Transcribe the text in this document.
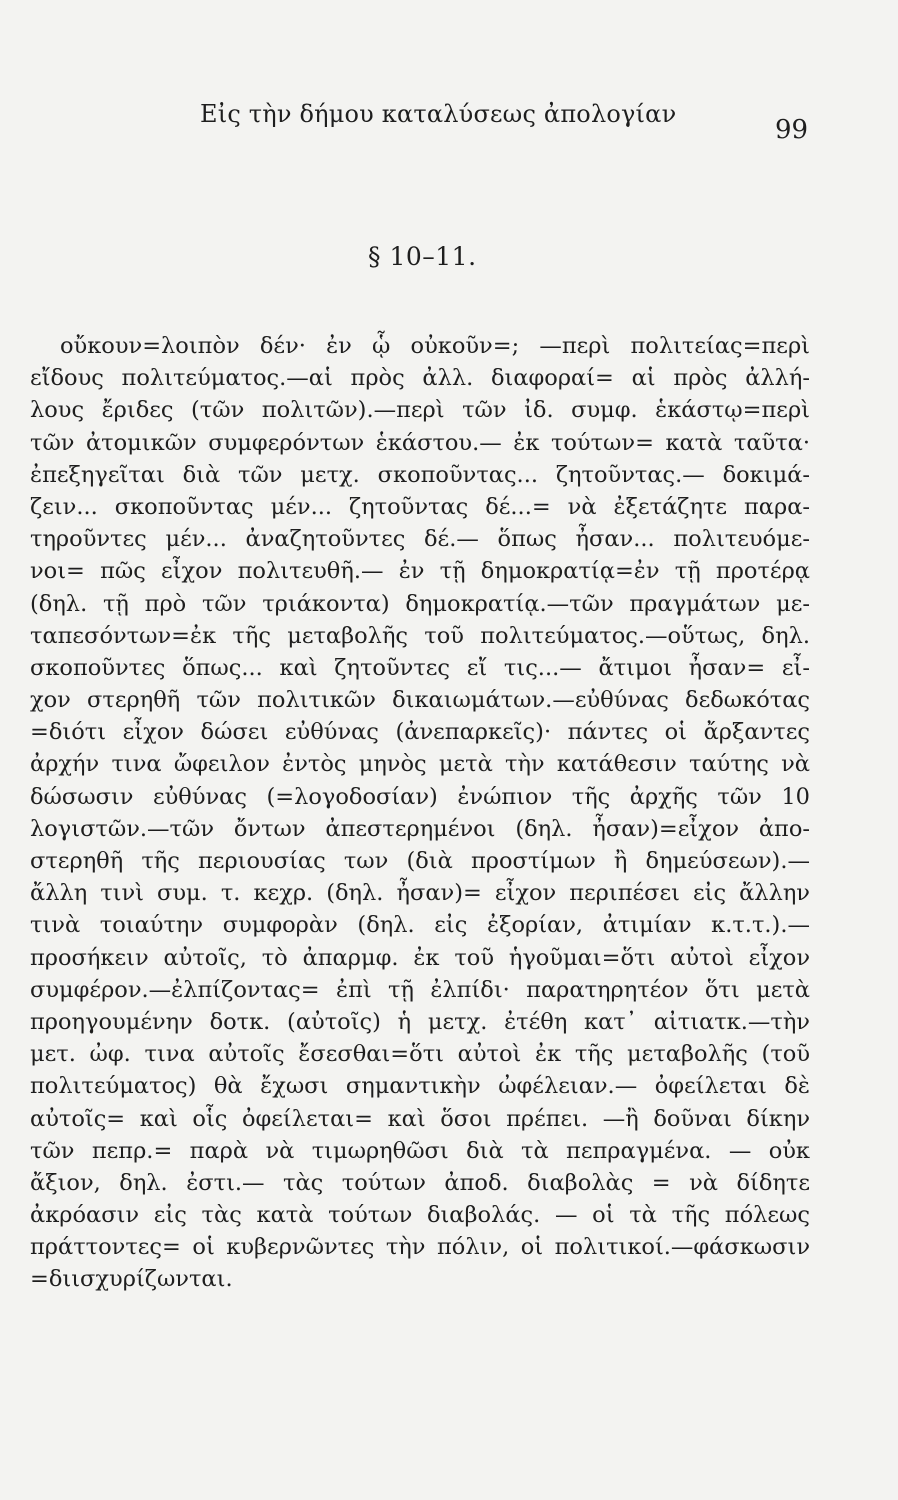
Εἰς τὴν δήμου καταλύσεως ἀπολογίαν
99
§ 10–11.
οὔκουν=λοιπὸν δέν· ἐν ᾧ οὐκοῦν=; —περὶ πολιτείας=περὶ
εἴδους πολιτεύματος.—αἱ πρὸς ἀλλ. διαφοραί= αἱ πρὸς ἀλλή-
λους ἔριδες (τῶν πολιτῶν).—περὶ τῶν ἰδ. συμφ. ἑκάστῳ=περὶ
τῶν ἀτομικῶν συμφερόντων ἑκάστου.— ἐκ τούτων= κατὰ ταῦτα·
ἐπεξηγεῖται διὰ τῶν μετχ. σκοποῦντας... ζητοῦντας.— δοκιμά-
ζειν... σκοποῦντας μέν... ζητοῦντας δέ...= νὰ ἐξετάζητε παρα-
τηροῦντες μέν... ἀναζητοῦντες δέ.— ὅπως ἦσαν... πολιτευόμε-
νοι= πῶς εἶχον πολιτευθῆ.— ἐν τῇ δημοκρατίᾳ=ἐν τῇ προτέρᾳ
(δηλ. τῇ πρὸ τῶν τριάκοντα) δημοκρατίᾳ.—τῶν πραγμάτων με-
ταπεσόντων=ἐκ τῆς μεταβολῆς τοῦ πολιτεύματος.—οὕτως, δηλ.
σκοποῦντες ὅπως... καὶ ζητοῦντες εἴ τις...— ἄτιμοι ἦσαν= εἶ-
χον στερηθῆ τῶν πολιτικῶν δικαιωμάτων.—εὐθύνας δεδωκότας
=διότι εἶχον δώσει εὐθύνας (ἀνεπαρκεῖς)· πάντες οἱ ἄρξαντες
ἀρχήν τινα ὤφειλον ἐντὸς μηνὸς μετὰ τὴν κατάθεσιν ταύτης νὰ
δώσωσιν εὐθύνας (=λογοδοσίαν) ἐνώπιον τῆς ἀρχῆς τῶν 10
λογιστῶν.—τῶν ὄντων ἀπεστερημένοι (δηλ. ἦσαν)=εἶχον ἀπο-
στερηθῆ τῆς περιουσίας των (διὰ προστίμων ἢ δημεύσεων).—
ἄλλη τινὶ συμ. τ. κεχρ. (δηλ. ἦσαν)= εἶχον περιπέσει εἰς ἄλλην
τινὰ τοιαύτην συμφορὰν (δηλ. εἰς ἐξορίαν, ἀτιμίαν κ.τ.τ.).—
προσήκειν αὐτοῖς, τὸ ἀπαρμφ. ἐκ τοῦ ἡγοῦμαι=ὅτι αὐτοὶ εἶχον
συμφέρον.—ἐλπίζοντας= ἐπὶ τῇ ἐλπίδι· παρατηρητέον ὅτι μετὰ
προηγουμένην δοτκ. (αὐτοῖς) ἡ μετχ. ἐτέθη κατ᾽ αἰτιατκ.—τὴν
μετ. ὠφ. τινα αὐτοῖς ἔσεσθαι=ὅτι αὐτοὶ ἐκ τῆς μεταβολῆς (τοῦ
πολιτεύματος) θὰ ἔχωσι σημαντικὴν ὠφέλειαν.— ὀφείλεται δὲ
αὐτοῖς= καὶ οἷς ὀφείλεται= καὶ ὅσοι πρέπει. —ἢ δοῦναι δίκην
τῶν πεπρ.= παρὰ νὰ τιμωρηθῶσι διὰ τὰ πεπραγμένα. — οὐκ
ἄξιον, δηλ. ἐστι.— τὰς τούτων ἀποδ. διαβολὰς = νὰ δίδητε
ἀκρόασιν εἰς τὰς κατὰ τούτων διαβολάς. — οἱ τὰ τῆς πόλεως
πράττοντες= οἱ κυβερνῶντες τὴν πόλιν, οἱ πολιτικοί.—φάσκωσιν
=διισχυρίζωνται.
